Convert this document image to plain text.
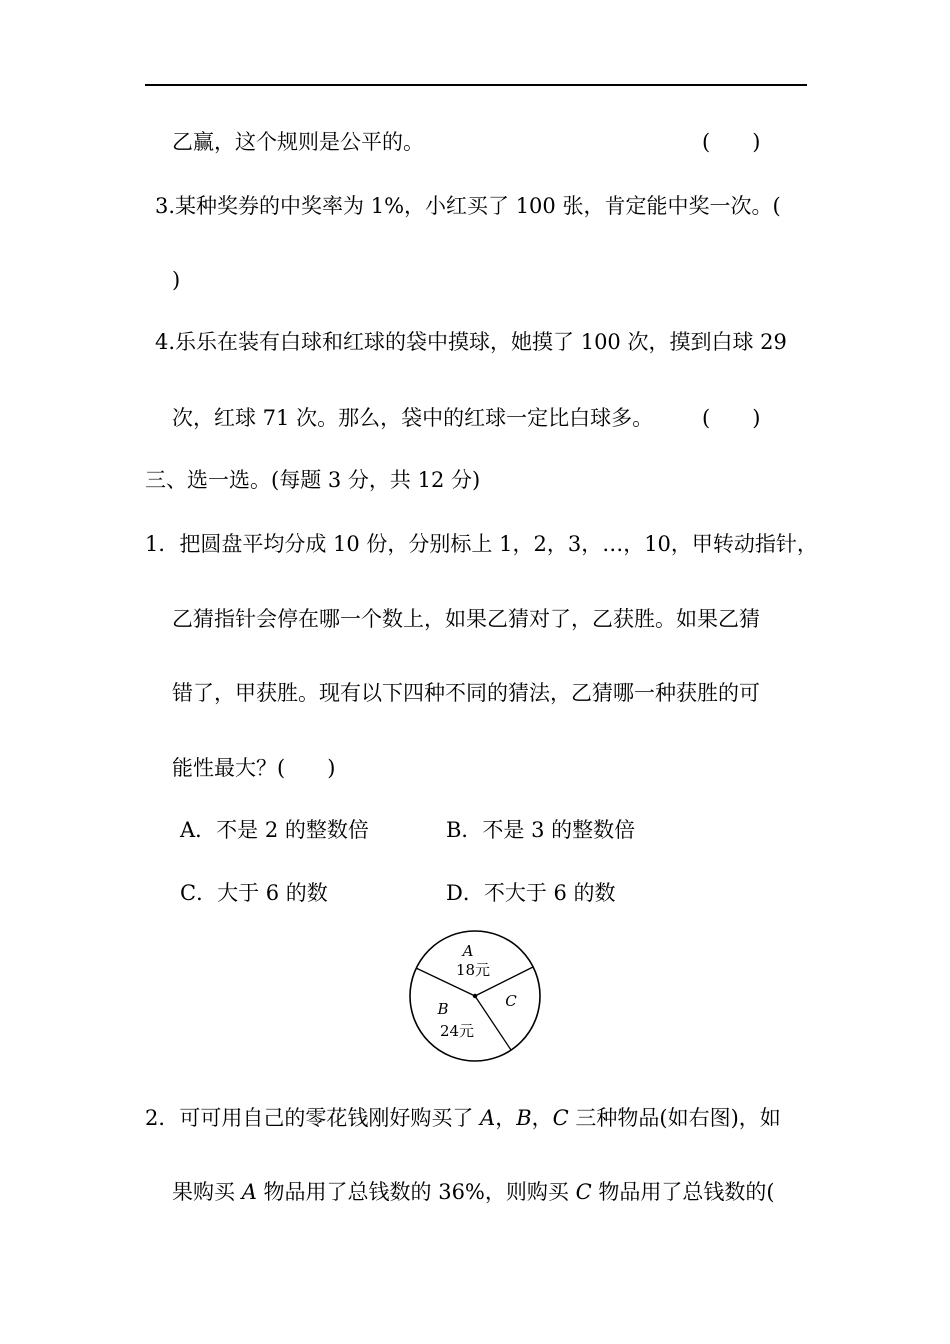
乙赢，这个规则是公平的。	(　　)
3.某种奖券的中奖率为 1%，小红买了 100 张，肯定能中奖一次。(
)
4.乐乐在装有白球和红球的袋中摸球，她摸了 100 次，摸到白球 29
次，红球 71 次。那么，袋中的红球一定比白球多。 (　　)
三、选一选。(每题 3 分，共 12 分)
1．把圆盘平均分成 10 份，分别标上 1，2，3，…，10，甲转动指针，
乙猜指针会停在哪一个数上，如果乙猜对了，乙获胜。如果乙猜
错了，甲获胜。现有以下四种不同的猜法，乙猜哪一种获胜的可
能性最大？(　　)
A．不是 2 的整数倍	B．不是 3 的整数倍
C．大于 6 的数	D．不大于 6 的数
A
18元
B
24元
C
2．可可用自己的零花钱刚好购买了 A，B，C 三种物品(如右图)，如
果购买 A 物品用了总钱数的 36%，则购买 C 物品用了总钱数的(
